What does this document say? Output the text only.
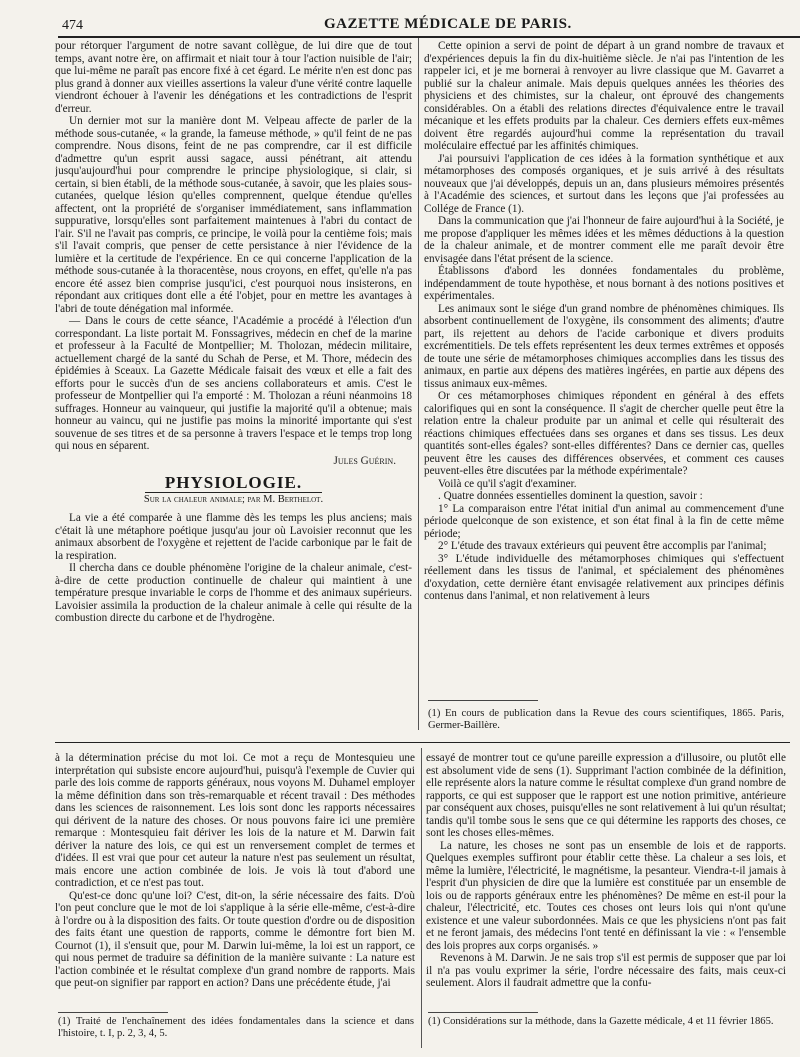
474	GAZETTE MÉDICALE DE PARIS.

pour rétorquer l'argument de notre savant collègue, de lui dire que de tout temps, avant notre ère, on affirmait et niait tour à tour l'action nuisible de l'air; que lui-même ne paraît pas encore fixé à cet égard. Le mérite n'en est donc pas plus grand à donner aux vieilles assertions la valeur d'une vérité contre laquelle viendront échouer à l'avenir les dénégations et les contradictions de l'esprit d'erreur.

Un dernier mot sur la manière dont M. Velpeau affecte de parler de la méthode sous-cutanée, « la grande, la fameuse méthode, » qu'il feint de ne pas comprendre. Nous disons, feint de ne pas comprendre, car il est difficile d'admettre qu'un esprit aussi sagace, aussi pénétrant, ait attendu jusqu'aujourd'hui pour comprendre le principe physiologique, si clair, si certain, si bien établi, de la méthode sous-cutanée, à savoir, que les plaies sous-cutanées, quelque lésion qu'elles comprennent, quelque étendue qu'elles affectent, ont la propriété de s'organiser immédiatement, sans inflammation suppurative, lorsqu'elles sont parfaitement maintenues à l'abri du contact de l'air. S'il ne l'avait pas compris, ce principe, le voilà pour la centième fois; mais s'il l'avait compris, que penser de cette persistance à nier l'évidence de la lumière et la certitude de l'expérience. En ce qui concerne l'application de la méthode sous-cutanée à la thoracentèse, nous croyons, en effet, qu'elle n'a pas encore été assez bien comprise jusqu'ici, c'est pourquoi nous insisterons, en répondant aux critiques dont elle a été l'objet, pour en mettre les avantages à l'abri de toute dénégation mal informée.

— Dans le cours de cette séance, l'Académie a procédé à l'élection d'un correspondant. La liste portait M. Fonssagrives, médecin en chef de la marine et professeur à la Faculté de Montpellier; M. Tholozan, médecin militaire, actuellement chargé de la santé du Schah de Perse, et M. Thore, médecin des épidémies à Sceaux. La Gazette Médicale faisait des vœux et elle a fait des efforts pour le succès d'un de ses anciens collaborateurs et amis. C'est le professeur de Montpellier qui l'a emporté : M. Tholozan a réuni néanmoins 18 suffrages. Honneur au vainqueur, qui justifie la majorité qu'il a obtenue; mais honneur au vaincu, qui ne justifie pas moins la minorité importante qui s'est souvenue de ses titres et de sa personne à travers l'espace et le temps trop long qui nous en séparent.

Jules Guérin.

PHYSIOLOGIE.

Sur la chaleur animale; par M. Berthelot.

La vie a été comparée à une flamme dès les temps les plus anciens; mais c'était là une métaphore poétique jusqu'au jour où Lavoisier reconnut que les animaux absorbent de l'oxygène et rejettent de l'acide carbonique par le fait de la respiration.

Il chercha dans ce double phénomène l'origine de la chaleur animale, c'est-à-dire de cette production continuelle de chaleur qui maintient à une température presque invariable le corps de l'homme et des animaux supérieurs. Lavoisier assimila la production de la chaleur animale à celle qui résulte de la combustion directe du carbone et de l'hydrogène.

Cette opinion a servi de point de départ à un grand nombre de travaux et d'expériences depuis la fin du dix-huitième siècle. Je n'ai pas l'intention de les rappeler ici, et je me bornerai à renvoyer au livre classique que M. Gavarret a publié sur la chaleur animale. Mais depuis quelques années les théories des physiciens et des chimistes, sur la chaleur, ont éprouvé des changements considérables. On a établi des relations directes d'équivalence entre le travail mécanique et les effets produits par la chaleur. Ces derniers effets eux-mêmes doivent être regardés aujourd'hui comme la représentation du travail moléculaire effectué par les affinités chimiques.

J'ai poursuivi l'application de ces idées à la formation synthétique et aux métamorphoses des composés organiques, et je suis arrivé à des résultats nouveaux que j'ai développés, depuis un an, dans plusieurs mémoires présentés à l'Académie des sciences, et surtout dans les leçons que j'ai professées au Collége de France (1).

Dans la communication que j'ai l'honneur de faire aujourd'hui à la Société, je me propose d'appliquer les mêmes idées et les mêmes déductions à la question de la chaleur animale, et de montrer comment elle me paraît devoir être envisagée dans l'état présent de la science.

Établissons d'abord les données fondamentales du problème, indépendamment de toute hypothèse, et nous bornant à des notions positives et expérimentales.

Les animaux sont le siége d'un grand nombre de phénomènes chimiques. Ils absorbent continuellement de l'oxygène, ils consomment des aliments; d'autre part, ils rejettent au dehors de l'acide carbonique et divers produits excrémentitiels. De tels effets représentent les deux termes extrêmes et opposés de toute une série de métamorphoses chimiques accomplies dans les tissus des animaux, en partie aux dépens des matières ingérées, en partie aux dépens des tissus animaux eux-mêmes.

Or ces métamorphoses chimiques répondent en général à des effets calorifiques qui en sont la conséquence. Il s'agit de chercher quelle peut être la relation entre la chaleur produite par un animal et celle qui résulterait des réactions chimiques effectuées dans ses organes et dans ses tissus. Les deux quantités sont-elles égales? sont-elles différentes? Dans ce dernier cas, quelles peuvent être les causes des différences observées, et comment ces causes peuvent-elles être discutées par la méthode expérimentale?

Voilà ce qu'il s'agit d'examiner.

. Quatre données essentielles dominent la question, savoir :

1° La comparaison entre l'état initial d'un animal au commencement d'une période quelconque de son existence, et son état final à la fin de cette même période;

2° L'étude des travaux extérieurs qui peuvent être accomplis par l'animal;

3° L'étude individuelle des métamorphoses chimiques qui s'effectuent réellement dans les tissus de l'animal, et spécialement des phénomènes d'oxydation, cette dernière étant envisagée relativement aux principes définis contenus dans l'animal, et non relativement à leurs

(1) En cours de publication dans la Revue des cours scientifiques, 1865. Paris, Germer-Baillère.

à la détermination précise du mot loi. Ce mot a reçu de Montesquieu une interprétation qui subsiste encore aujourd'hui, puisqu'à l'exemple de Cuvier qui parle des lois comme de rapports généraux, nous voyons M. Duhamel employer la même définition dans son très-remarquable et récent travail : Des méthodes dans les sciences de raisonnement. Les lois sont donc les rapports nécessaires qui dérivent de la nature des choses. Or nous pouvons faire ici une première remarque : Montesquieu fait dériver les lois de la nature et M. Darwin fait dériver la nature des lois, ce qui est un renversement complet de termes et d'idées. Il est vrai que pour cet auteur la nature n'est pas seulement un résultat, mais encore une action combinée de lois. Je vois là tout d'abord une contradiction, et ce n'est pas tout.

Qu'est-ce donc qu'une loi? C'est, dit-on, la série nécessaire des faits. D'où l'on peut conclure que le mot de loi s'applique à la série elle-même, c'est-à-dire à l'ordre ou à la disposition des faits. Or toute question d'ordre ou de disposition des faits étant une question de rapports, comme le démontre fort bien M. Cournot (1), il s'ensuit que, pour M. Darwin lui-même, la loi est un rapport, ce qui nous permet de traduire sa définition de la manière suivante : La nature est l'action combinée et le résultat complexe d'un grand nombre de rapports. Mais que peut-on signifier par rapport en action? Dans une précédente étude, j'ai

(1) Traité de l'enchaînement des idées fondamentales dans la science et dans l'histoire, t. I, p. 2, 3, 4, 5.

essayé de montrer tout ce qu'une pareille expression a d'illusoire, ou plutôt elle est absolument vide de sens (1). Supprimant l'action combinée de la définition, elle représente alors la nature comme le résultat complexe d'un grand nombre de rapports, ce qui est supposer que le rapport est une notion primitive, antérieure par conséquent aux choses, puisqu'elles ne sont relativement à lui qu'un résultat; tandis qu'il tombe sous le sens que ce qui détermine les rapports des choses, ce sont les choses elles-mêmes.

La nature, les choses ne sont pas un ensemble de lois et de rapports. Quelques exemples suffiront pour établir cette thèse. La chaleur a ses lois, et même la lumière, l'électricité, le magnétisme, la pesanteur. Viendra-t-il jamais à l'esprit d'un physicien de dire que la lumière est constituée par un ensemble de lois ou de rapports généraux entre les phénomènes? De même en est-il pour la chaleur, l'électricité, etc. Toutes ces choses ont leurs lois qui n'ont qu'une existence et une valeur subordonnées. Mais ce que les physiciens n'ont pas fait et ne feront jamais, des médecins l'ont tenté en définissant la vie : « l'ensemble des lois propres aux corps organisés. »

Revenons à M. Darwin. Je ne sais trop s'il est permis de supposer que par loi il n'a pas voulu exprimer la série, l'ordre nécessaire des faits, mais ceux-ci seulement. Alors il faudrait admettre que la confu-

(1) Considérations sur la méthode, dans la Gazette médicale, 4 et 11 février 1865.
